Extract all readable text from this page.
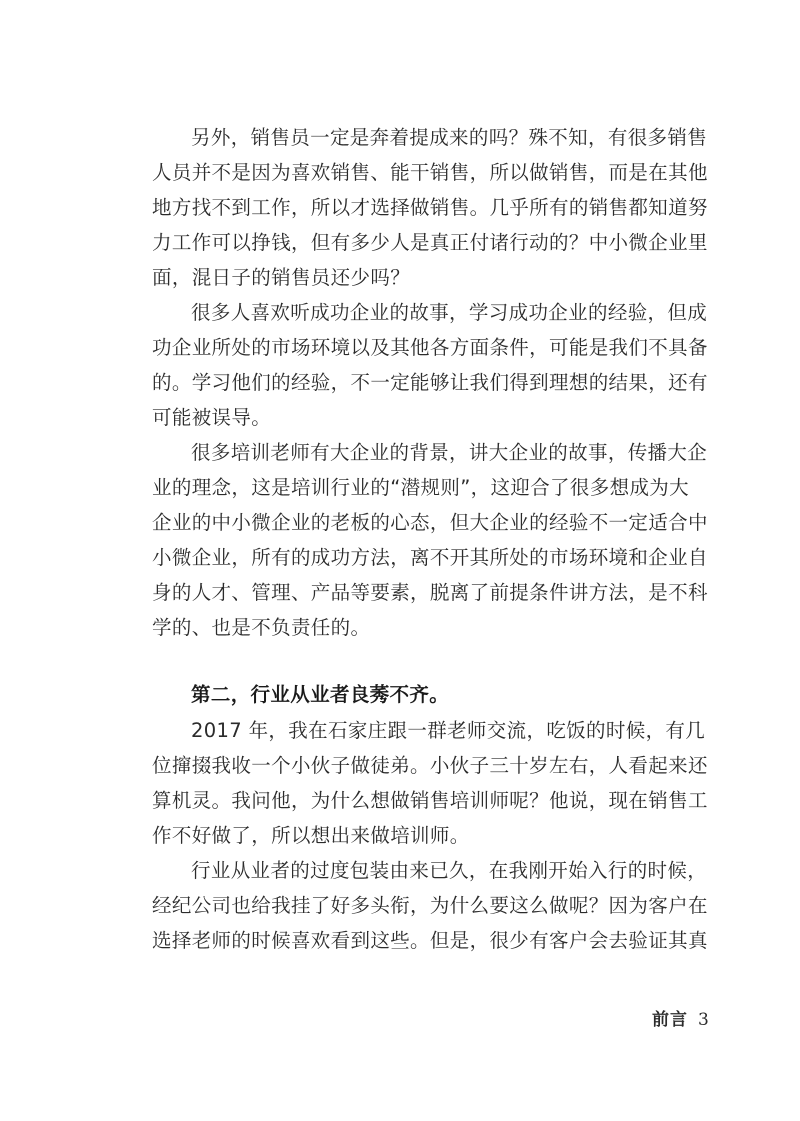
另外，销售员一定是奔着提成来的吗？殊不知，有很多销售
人员并不是因为喜欢销售、能干销售，所以做销售，而是在其他
地方找不到工作，所以才选择做销售。几乎所有的销售都知道努
力工作可以挣钱，但有多少人是真正付诸行动的？中小微企业里
面，混日子的销售员还少吗？
很多人喜欢听成功企业的故事，学习成功企业的经验，但成
功企业所处的市场环境以及其他各方面条件，可能是我们不具备
的。学习他们的经验，不一定能够让我们得到理想的结果，还有
可能被误导。
很多培训老师有大企业的背景，讲大企业的故事，传播大企
业的理念，这是培训行业的“潜规则”，这迎合了很多想成为大
企业的中小微企业的老板的心态，但大企业的经验不一定适合中
小微企业，所有的成功方法，离不开其所处的市场环境和企业自
身的人才、管理、产品等要素，脱离了前提条件讲方法，是不科
学的、也是不负责任的。
第二，行业从业者良莠不齐。
2017 年，我在石家庄跟一群老师交流，吃饭的时候，有几
位撺掇我收一个小伙子做徒弟。小伙子三十岁左右，人看起来还
算机灵。我问他，为什么想做销售培训师呢？他说，现在销售工
作不好做了，所以想出来做培训师。
行业从业者的过度包装由来已久，在我刚开始入行的时候，
经纪公司也给我挂了好多头衔，为什么要这么做呢？因为客户在
选择老师的时候喜欢看到这些。但是，很少有客户会去验证其真
前言 3
